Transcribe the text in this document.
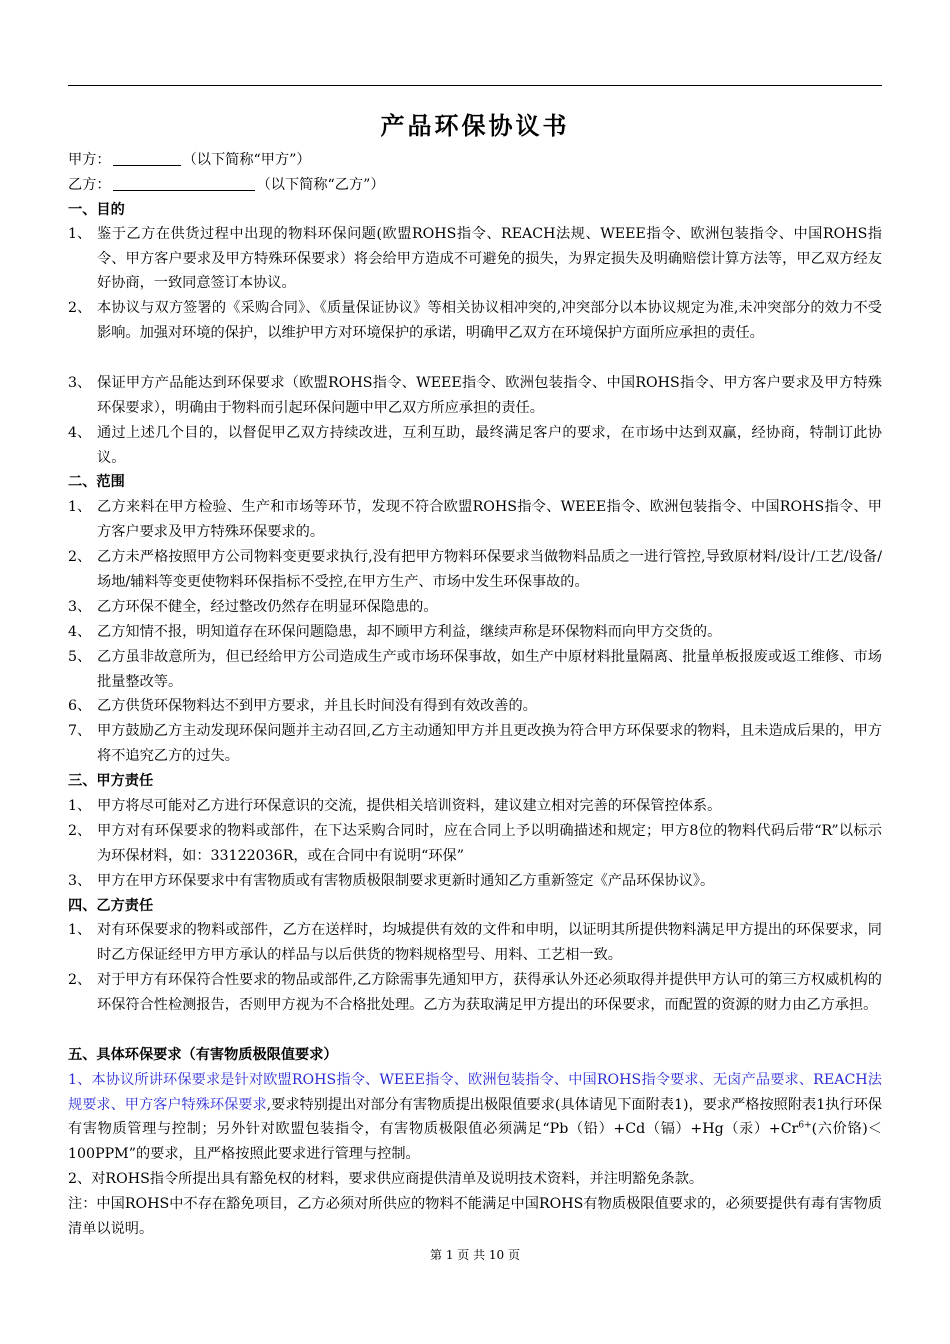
产品环保协议书
甲方：	（以下简称“甲方”）
乙方：	（以下简称“乙方”）
一、目的
1、 鉴于乙方在供货过程中出现的物料环保问题(欧盟ROHS指令、REACH法规、WEEE指令、欧洲包装指令、中国ROHS指令、甲方客户要求及甲方特殊环保要求）将会给甲方造成不可避免的损失，为界定损失及明确赔偿计算方法等，甲乙双方经友好协商，一致同意签订本协议。
2、 本协议与双方签署的《采购合同》、《质量保证协议》等相关协议相冲突的,冲突部分以本协议规定为准,未冲突部分的效力不受影响。加强对环境的保护，以维护甲方对环境保护的承诺，明确甲乙双方在环境保护方面所应承担的责任。
3、 保证甲方产品能达到环保要求（欧盟ROHS指令、WEEE指令、欧洲包装指令、中国ROHS指令、甲方客户要求及甲方特殊环保要求），明确由于物料而引起环保问题中甲乙双方所应承担的责任。
4、 通过上述几个目的，以督促甲乙双方持续改进，互利互助，最终满足客户的要求，在市场中达到双赢，经协商，特制订此协议。
二、范围
1、 乙方来料在甲方检验、生产和市场等环节，发现不符合欧盟ROHS指令、WEEE指令、欧洲包装指令、中国ROHS指令、甲方客户要求及甲方特殊环保要求的。
2、 乙方未严格按照甲方公司物料变更要求执行,没有把甲方物料环保要求当做物料品质之一进行管控,导致原材料/设计/工艺/设备/场地/辅料等变更使物料环保指标不受控,在甲方生产、市场中发生环保事故的。
3、 乙方环保不健全，经过整改仍然存在明显环保隐患的。
4、 乙方知情不报，明知道存在环保问题隐患，却不顾甲方利益，继续声称是环保物料而向甲方交货的。
5、 乙方虽非故意所为，但已经给甲方公司造成生产或市场环保事故，如生产中原材料批量隔离、批量单板报废或返工维修、市场批量整改等。
6、 乙方供货环保物料达不到甲方要求，并且长时间没有得到有效改善的。
7、 甲方鼓励乙方主动发现环保问题并主动召回,乙方主动通知甲方并且更改换为符合甲方环保要求的物料，且未造成后果的，甲方将不追究乙方的过失。
三、甲方责任
1、 甲方将尽可能对乙方进行环保意识的交流，提供相关培训资料，建议建立相对完善的环保管控体系。
2、 甲方对有环保要求的物料或部件，在下达采购合同时，应在合同上予以明确描述和规定；甲方8位的物料代码后带“R”以标示为环保材料，如：33122036R，或在合同中有说明“环保”
3、 甲方在甲方环保要求中有害物质或有害物质极限制要求更新时通知乙方重新签定《产品环保协议》。
四、乙方责任
1、 对有环保要求的物料或部件，乙方在送样时，均城提供有效的文件和申明，以证明其所提供物料满足甲方提出的环保要求，同时乙方保证经甲方甲方承认的样品与以后供货的物料规格型号、用料、工艺相一致。
2、 对于甲方有环保符合性要求的物品或部件,乙方除需事先通知甲方，获得承认外还必须取得并提供甲方认可的第三方权威机构的环保符合性检测报告，否则甲方视为不合格批处理。乙方为获取满足甲方提出的环保要求，而配置的资源的财力由乙方承担。
五、具体环保要求（有害物质极限值要求）
1、本协议所讲环保要求是针对欧盟ROHS指令、WEEE指令、欧洲包装指令、中国ROHS指令要求、无卤产品要求、REACH法规要求、甲方客户特殊环保要求,要求特别提出对部分有害物质提出极限值要求(具体请见下面附表1)，要求严格按照附表1执行环保有害物质管理与控制；另外针对欧盟包装指令，有害物质极限值必须满足“Pb（铅）+Cd（镉）+Hg（汞）$+Cr^{6+}$(六价铬)＜100PPM”的要求，且严格按照此要求进行管理与控制。
2、对ROHS指令所提出具有豁免权的材料，要求供应商提供清单及说明技术资料，并注明豁免条款。
注：中国ROHS中不存在豁免项目，乙方必须对所供应的物料不能满足中国ROHS有物质极限值要求的，必须要提供有毒有害物质清单以说明。
第 1 页 共 10 页
